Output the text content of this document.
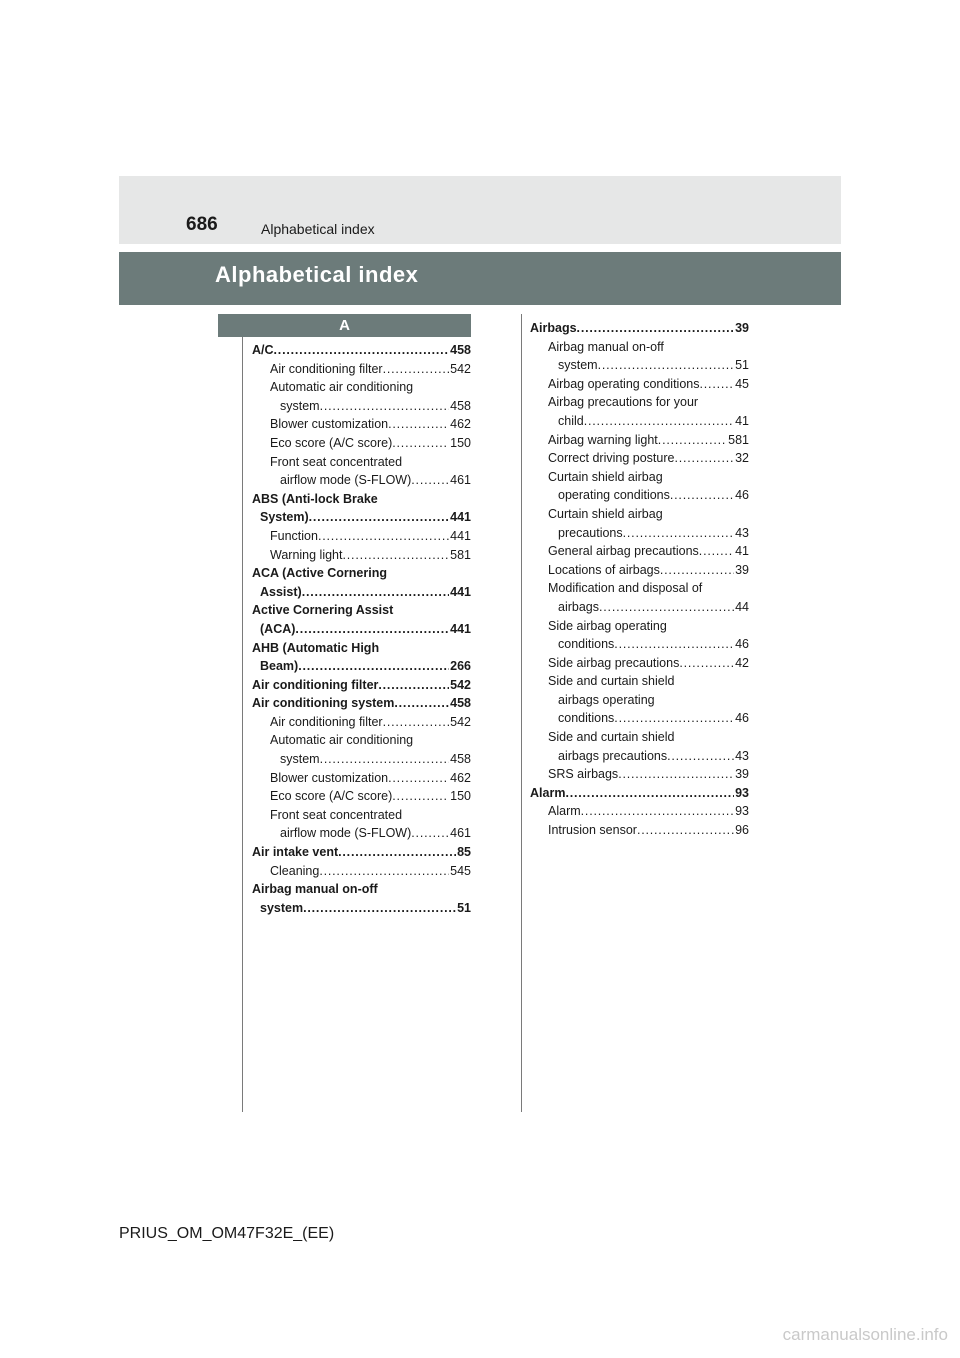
686	Alphabetical index
Alphabetical index
A
A/C .....	458
Air conditioning filter .....	542
Automatic air conditioning
system .....	458
Blower customization .....	462
Eco score (A/C score) .....	150
Front seat concentrated
airflow mode (S-FLOW) .....	461
ABS (Anti-lock Brake
System) .....	441
Function .....	441
Warning light .....	581
ACA (Active Cornering
Assist) .....	441
Active Cornering Assist
(ACA) .....	441
AHB (Automatic High
Beam) .....	266
Air conditioning filter .....	542
Air conditioning system .....	458
Air conditioning filter .....	542
Automatic air conditioning
system .....	458
Blower customization .....	462
Eco score (A/C score) .....	150
Front seat concentrated
airflow mode (S-FLOW) .....	461
Air intake vent .....	85
Cleaning .....	545
Airbag manual on-off
system .....	51
Airbags .....	39
Airbag manual on-off
system .....	51
Airbag operating conditions .....	45
Airbag precautions for your
child .....	41
Airbag warning light .....	581
Correct driving posture .....	32
Curtain shield airbag
operating conditions .....	46
Curtain shield airbag
precautions .....	43
General airbag precautions .....	41
Locations of airbags .....	39
Modification and disposal of
airbags .....	44
Side airbag operating
conditions .....	46
Side airbag precautions .....	42
Side and curtain shield
airbags operating
conditions .....	46
Side and curtain shield
airbags precautions .....	43
SRS airbags .....	39
Alarm .....	93
Alarm .....	93
Intrusion sensor .....	96
PRIUS_OM_OM47F32E_(EE)
carmanualsonline.info
